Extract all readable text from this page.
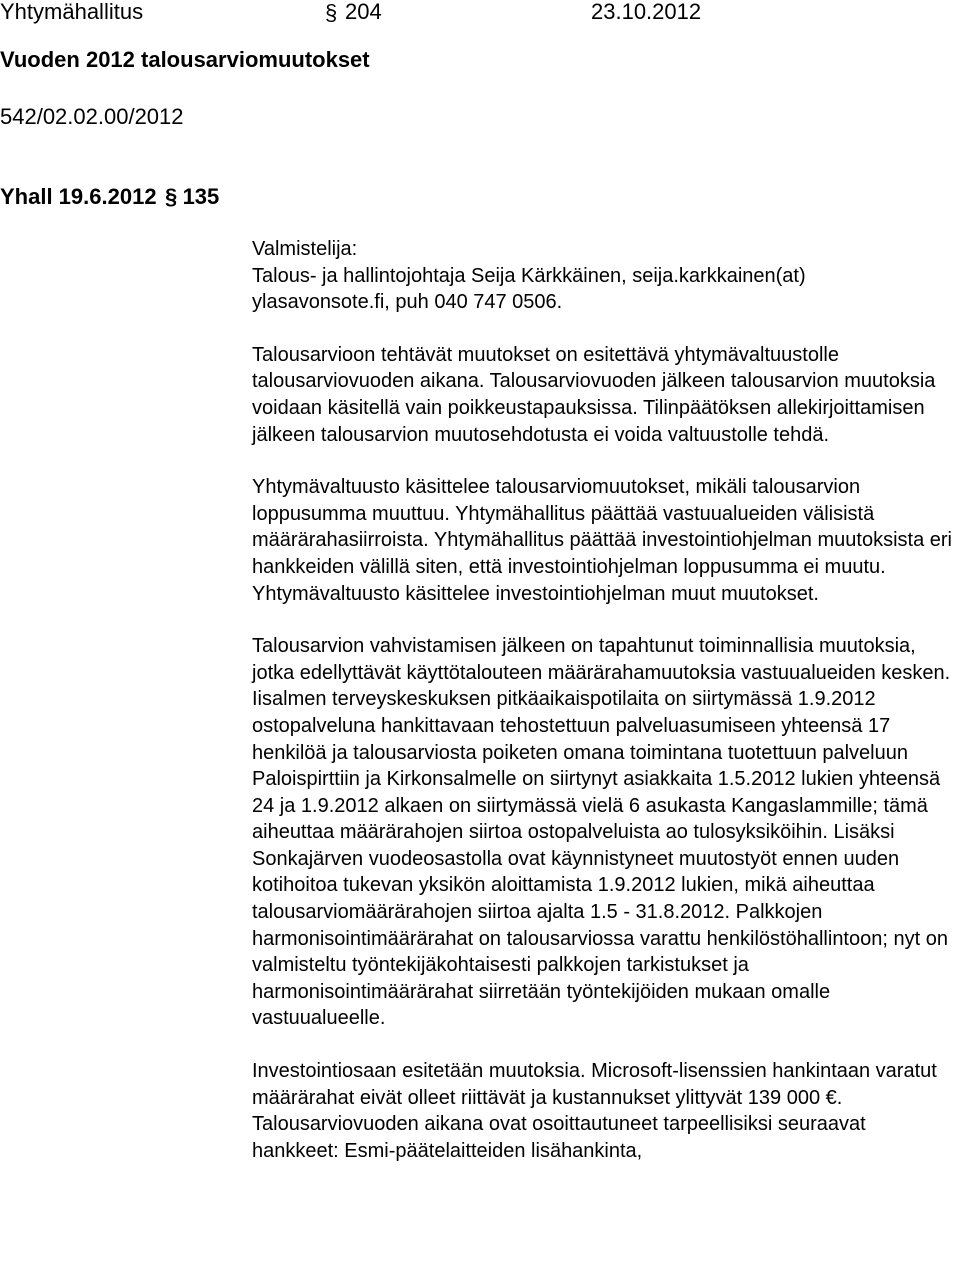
Yhtymähallitus	§ 204	23.10.2012
Vuoden 2012 talousarviomuutokset
542/02.02.00/2012
Yhall 19.6.2012 § 135

Valmistelija:

Talous- ja hallintojohtaja Seija Kärkkäinen, seija.karkkainen(at)

ylasavonsote.fi, puh 040 747 0506.

Talousarvioon tehtävät muutokset on esitettävä yhtymävaltuustolle talousarviovuoden aikana. Talousarviovuoden jälkeen talousarvion muutoksia voidaan käsitellä vain poikkeustapauksissa. Tilinpäätöksen allekirjoittamisen jälkeen talousarvion muutosehdotusta ei voida valtuustolle tehdä.

Yhtymävaltuusto käsittelee talousarviomuutokset, mikäli talousarvion loppusumma muuttuu. Yhtymähallitus päättää vastuualueiden välisistä määrärahasiirroista. Yhtymähallitus päättää investointiohjelman muutoksista eri hankkeiden välillä siten, että investointiohjelman loppusumma ei muutu. Yhtymävaltuusto käsittelee investointiohjelman muut muutokset.

Talousarvion vahvistamisen jälkeen on tapahtunut toiminnallisia muutoksia, jotka edellyttävät käyttötalouteen määrärahamuutoksia vastuualueiden kesken. Iisalmen terveyskeskuksen pitkäaikaispotilaita on siirtymässä 1.9.2012 ostopalveluna hankittavaan tehostettuun palveluasumiseen yhteensä 17 henkilöä ja talousarviosta poiketen omana toimintana tuotettuun palveluun Paloispirttiin ja Kirkonsalmelle on siirtynyt asiakkaita 1.5.2012 lukien yhteensä 24 ja 1.9.2012 alkaen on siirtymässä vielä 6 asukasta Kangaslammille; tämä aiheuttaa määrärahojen siirtoa ostopalveluista ao tulosyksiköihin. Lisäksi Sonkajärven vuodeosastolla ovat käynnistyneet muutostyöt ennen uuden kotihoitoa tukevan yksikön aloittamista 1.9.2012 lukien, mikä aiheuttaa talousarviomäärärahojen siirtoa ajalta 1.5 - 31.8.2012. Palkkojen harmonisointimäärärahat on talousarviossa varattu henkilöstöhallintoon; nyt on valmisteltu työntekijäkohtaisesti palkkojen tarkistukset ja harmonisointimäärärahat siirretään työntekijöiden mukaan omalle vastuualueelle.

Investointiosaan esitetään muutoksia. Microsoft-lisenssien hankintaan varatut määrärahat eivät olleet riittävät ja kustannukset ylittyvät 139 000 €. Talousarviovuoden aikana ovat osoittautuneet tarpeellisiksi seuraavat hankkeet: Esmi-päätelaitteiden lisähankinta,
